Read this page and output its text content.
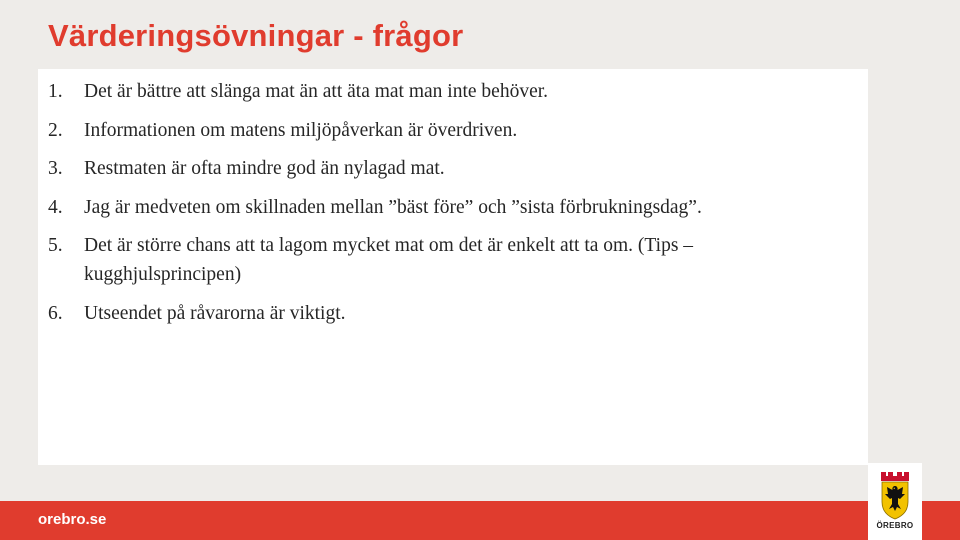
Värderingsövningar - frågor
1.	Det är bättre att slänga mat än att äta mat man inte behöver.
2.	Informationen om matens miljöpåverkan är överdriven.
3.	Restmaten är ofta mindre god än nylagad mat.
4.	Jag är medveten om skillnaden mellan ”bäst före” och ”sista förbrukningsdag”.
5.	Det är större chans att ta lagom mycket mat om det är enkelt att ta om. (Tips – kugghjulsprincipen)
6.	Utseendet på råvarorna är viktigt.
orebro.se	ÖREBRO
